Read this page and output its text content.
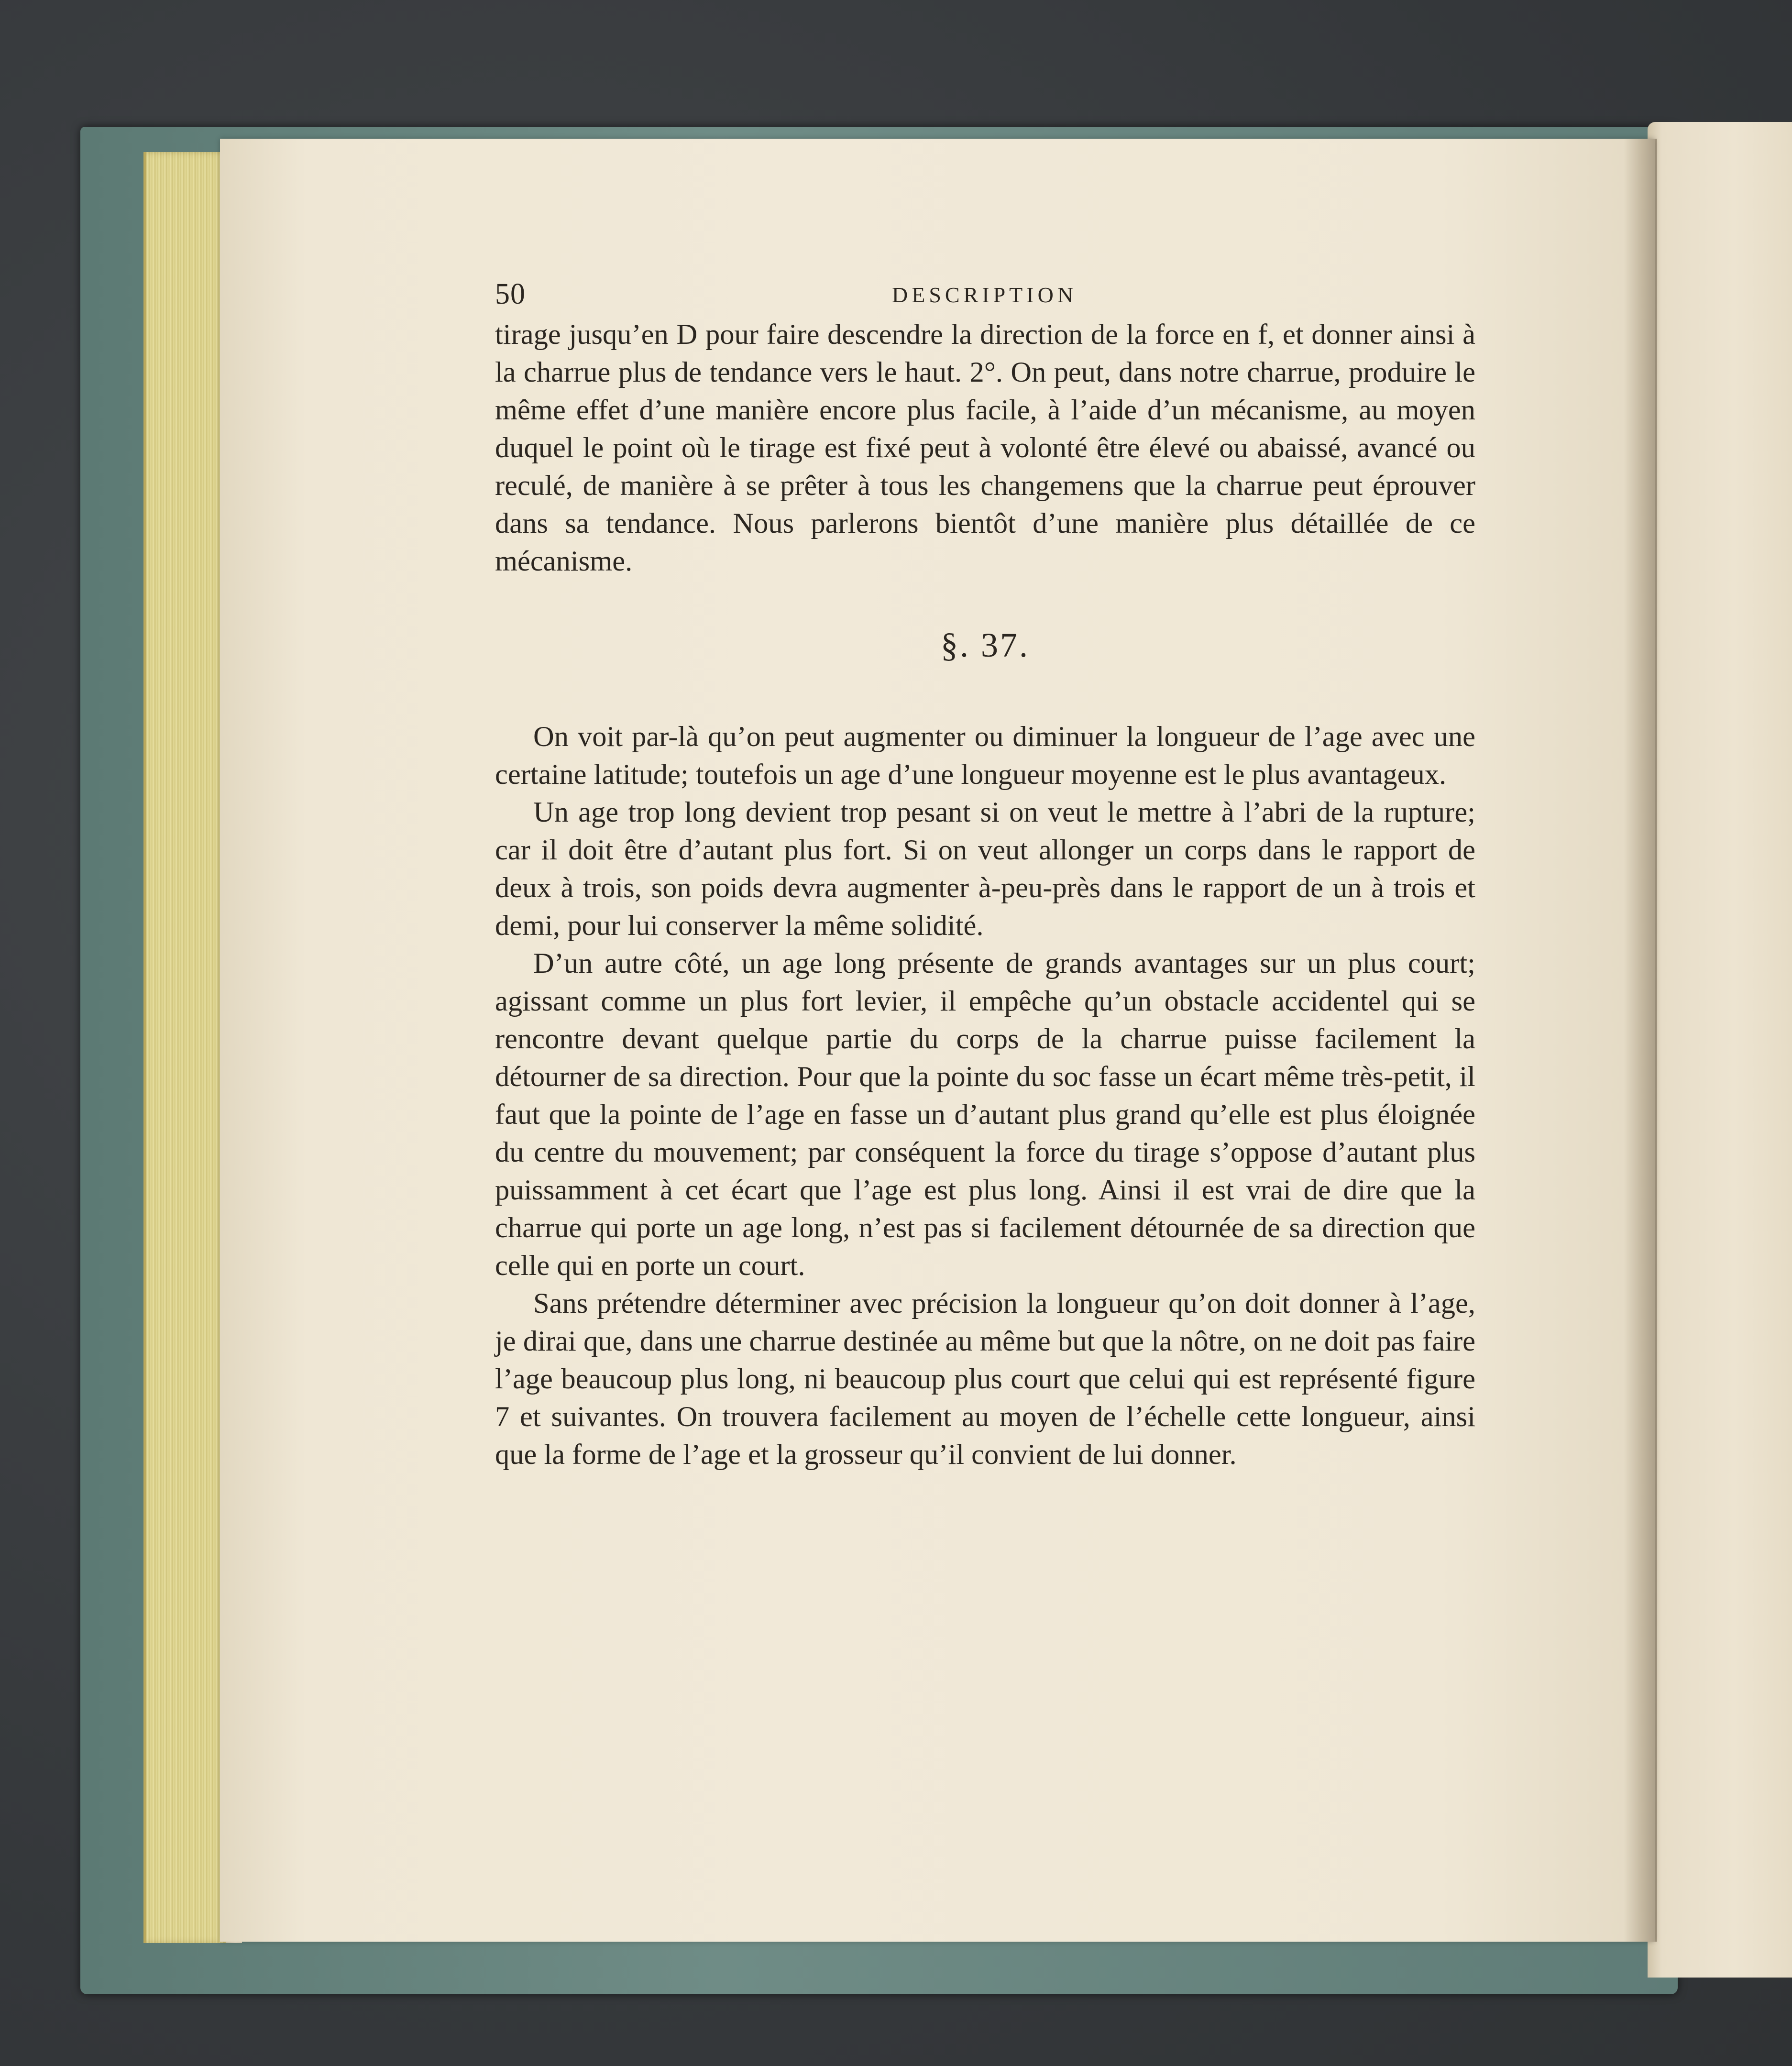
50	DESCRIPTION

tirage jusqu’en D pour faire descendre la direction de la force en f, et donner ainsi à la charrue plus de tendance vers le haut. 2°. On peut, dans notre charrue, produire le même effet d’une manière encore plus facile, à l’aide d’un mécanisme, au moyen duquel le point où le tirage est fixé peut à volonté être élevé ou abaissé, avancé ou reculé, de manière à se prêter à tous les changemens que la charrue peut éprouver dans sa tendance. Nous parlerons bientôt d’une manière plus détaillée de ce mécanisme.

§. 37.

On voit par-là qu’on peut augmenter ou diminuer la longueur de l’age avec une certaine latitude; toutefois un age d’une longueur moyenne est le plus avantageux.

Un age trop long devient trop pesant si on veut le mettre à l’abri de la rupture; car il doit être d’autant plus fort. Si on veut allonger un corps dans le rapport de deux à trois, son poids devra augmenter à-peu-près dans le rapport de un à trois et demi, pour lui conserver la même solidité.

D’un autre côté, un age long présente de grands avantages sur un plus court; agissant comme un plus fort levier, il empêche qu’un obstacle accidentel qui se rencontre devant quelque partie du corps de la charrue puisse facilement la détourner de sa direction. Pour que la pointe du soc fasse un écart même très-petit, il faut que la pointe de l’age en fasse un d’autant plus grand qu’elle est plus éloignée du centre du mouvement; par conséquent la force du tirage s’oppose d’autant plus puissamment à cet écart que l’age est plus long. Ainsi il est vrai de dire que la charrue qui porte un age long, n’est pas si facilement détournée de sa direction que celle qui en porte un court.

Sans prétendre déterminer avec précision la longueur qu’on doit donner à l’age, je dirai que, dans une charrue destinée au même but que la nôtre, on ne doit pas faire l’age beaucoup plus long, ni beaucoup plus court que celui qui est représenté figure 7 et suivantes. On trouvera facilement au moyen de l’échelle cette longueur, ainsi que la forme de l’age et la grosseur qu’il convient de lui donner.
